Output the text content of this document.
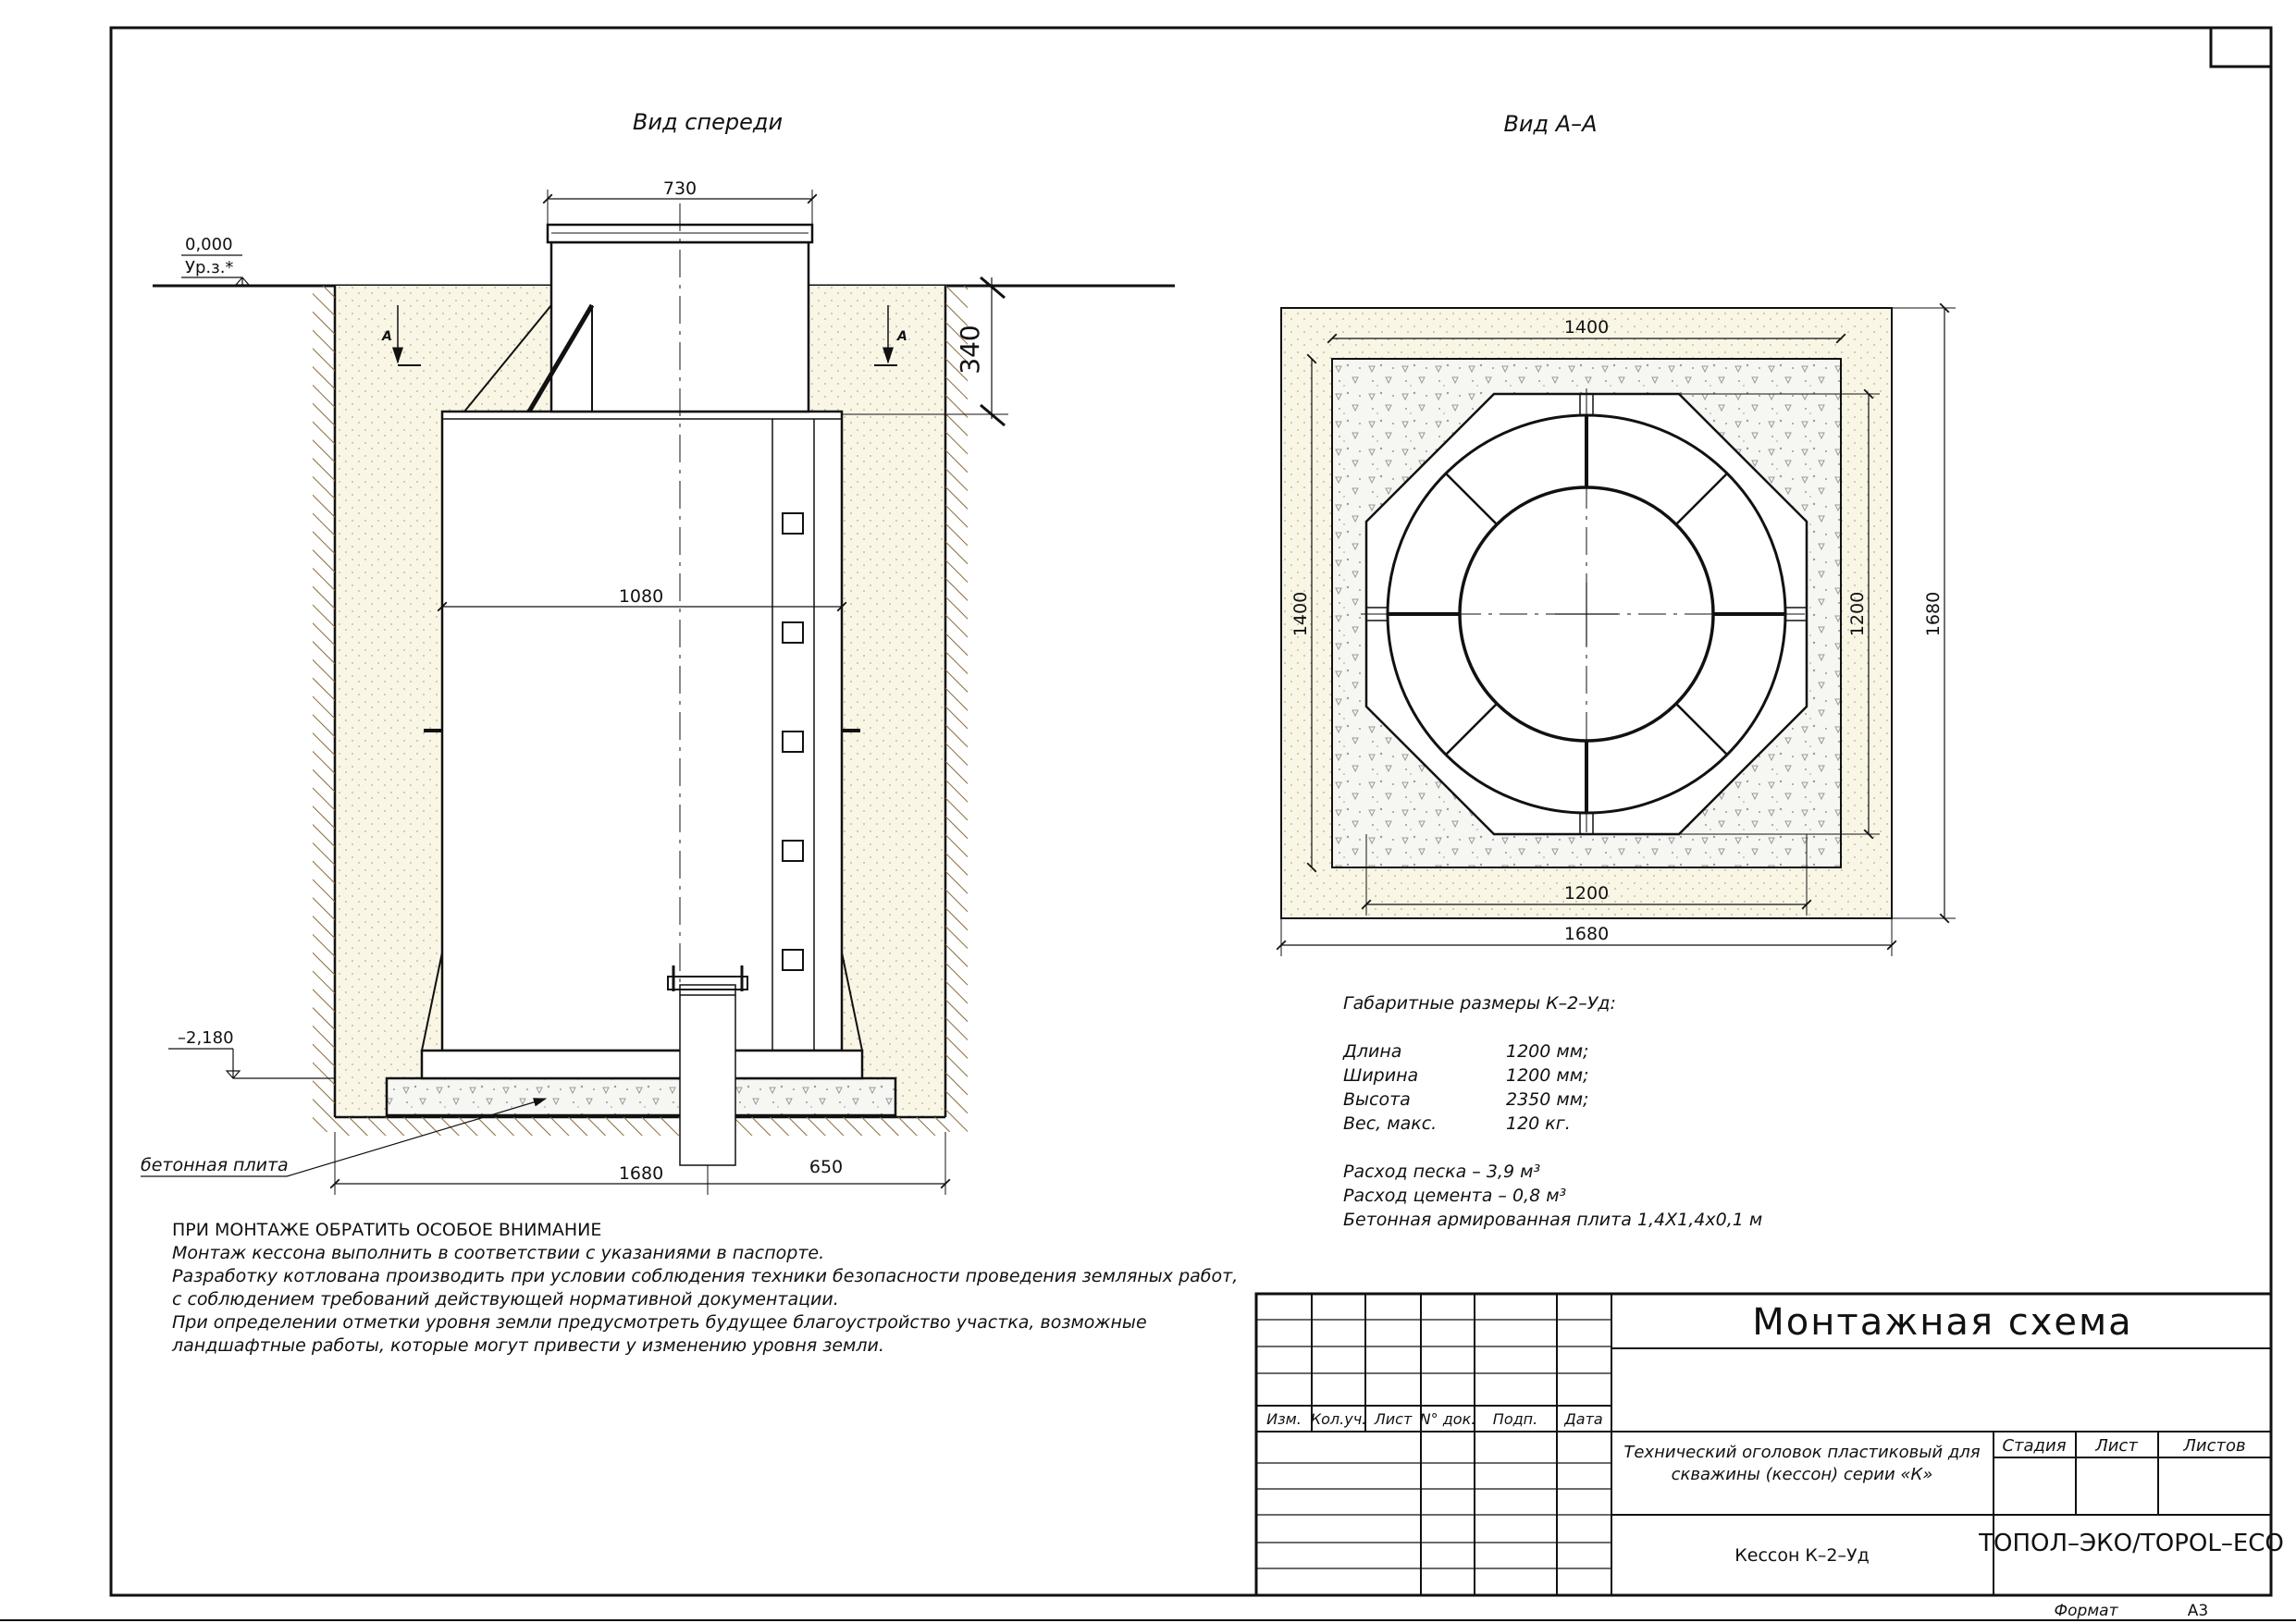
Вид спереди
730
1080
340
А	А
0,000
Ур.з.*
–2,180
бетонная плита	1680	650
Вид А–А
1400
1400
1200
1680
1200	1680
Монтажная схема
Изм. Кол.уч. Лист N° док. Подп. Дата
Технический оголовок пластиковый для
скважины (кессон) серии «К»
Стадия Лист	Листов
Кессон К–2–Уд	ТОПОЛ–ЭКО/TOPOL–ECO
Формат	А3
Габаритные размеры К–2–Уд:
Длина	1200 мм;
Ширина	1200 мм;
Высота	2350 мм;
Вес, макс.	120 кг.
Расход песка – 3,9 м³
Расход цемента – 0,8 м³
Бетонная армированная плита 1,4Х1,4х0,1 м
ПРИ МОНТАЖЕ ОБРАТИТЬ ОСОБОЕ ВНИМАНИЕ
Монтаж кессона выполнить в соответствии с указаниями в паспорте.
Разработку котлована производить при условии соблюдения техники безопасности проведения земляных работ,
с соблюдением требований действующей нормативной документации.
При определении отметки уровня земли предусмотреть будущее благоустройство участка, возможные
ландшафтные работы, которые могут привести у изменению уровня земли.
